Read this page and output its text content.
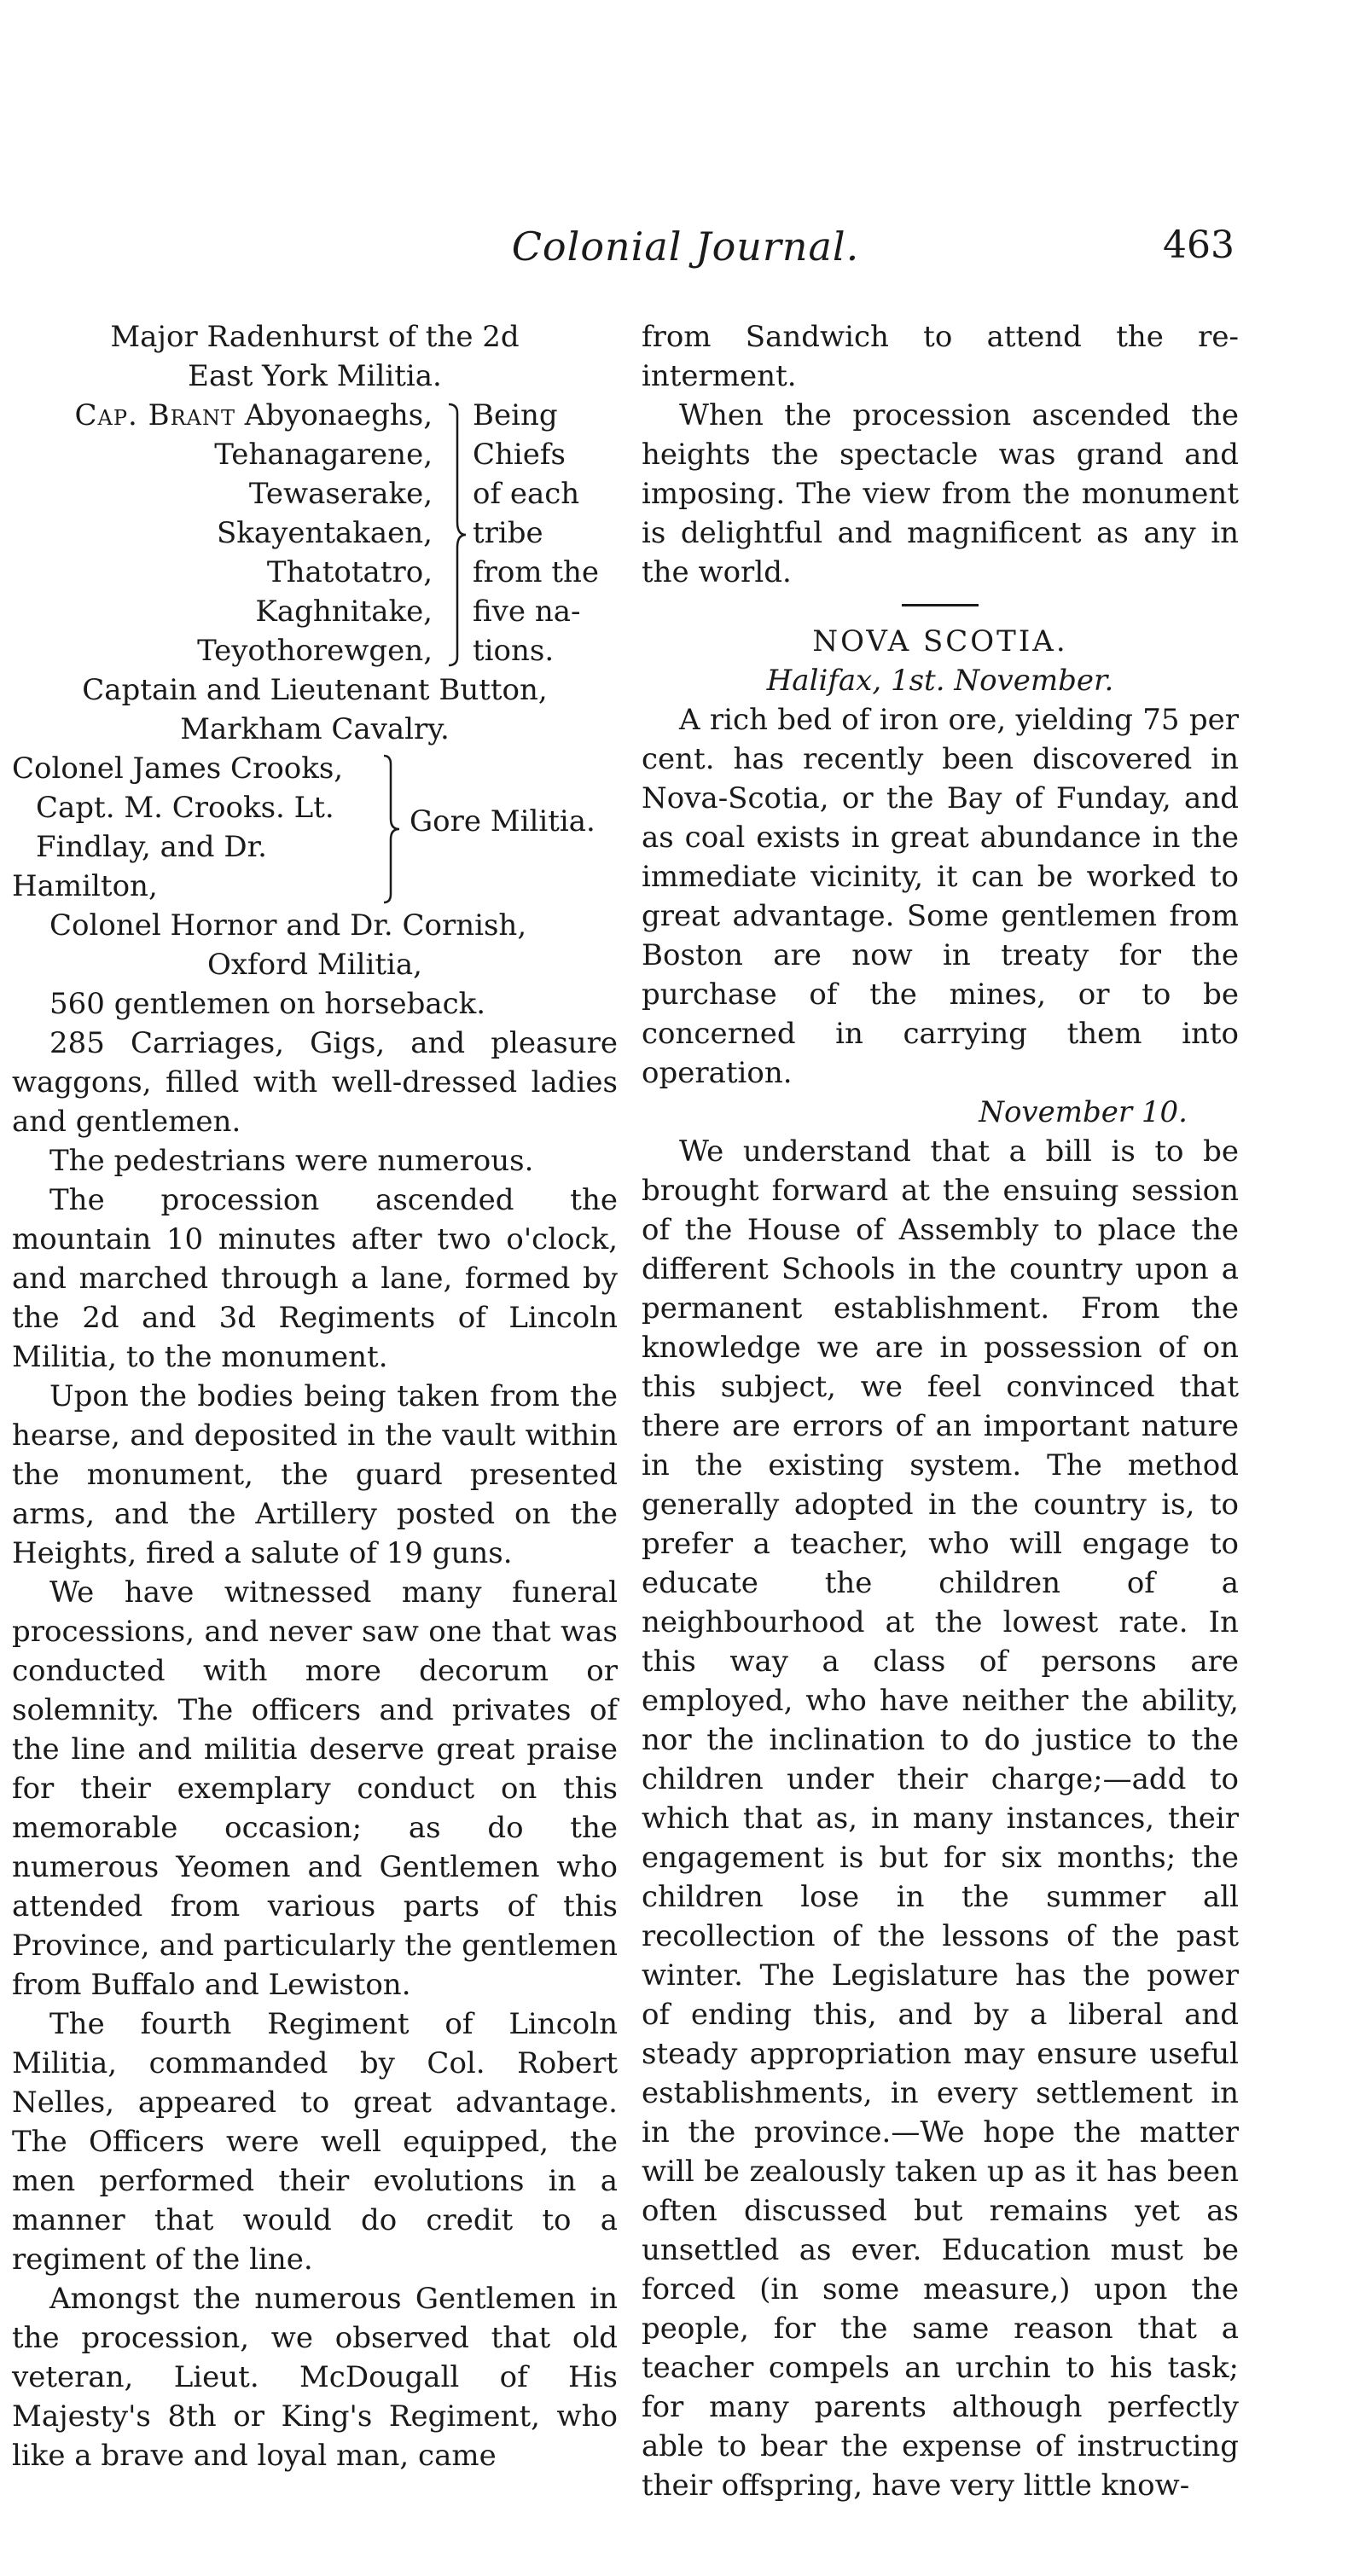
Colonial Journal.	463
Major Radenhurst of the 2d
East York Militia.
Cap. Brant Abyonaeghs,
Tehanagarene,
Tewaserake,
Skayentakaen,
Thatotatro,
Kaghnitake,
Teyothorewgen,
Being
Chiefs
of each
tribe
from the
five na-
tions.
Captain and Lieutenant Button,
Markham Cavalry.
Colonel James Crooks,
Capt. M. Crooks. Lt.
Findlay, and Dr.
Hamilton,
Gore Militia.
Colonel Hornor and Dr. Cornish,
Oxford Militia,
560 gentlemen on horseback.

285 Carriages, Gigs, and pleasure waggons, filled with well-dressed ladies and gentlemen.

The pedestrians were numerous.

The procession ascended the mountain 10 minutes after two o'clock, and marched through a lane, formed by the 2d and 3d Regiments of Lincoln Militia, to the monument.

Upon the bodies being taken from the hearse, and deposited in the vault within the monument, the guard presented arms, and the Artillery posted on the Heights, fired a salute of 19 guns.

We have witnessed many funeral processions, and never saw one that was conducted with more decorum or solemnity. The officers and privates of the line and militia deserve great praise for their exemplary conduct on this memorable occasion; as do the numerous Yeomen and Gentlemen who attended from various parts of this Province, and particularly the gentlemen from Buffalo and Lewiston.

The fourth Regiment of Lincoln Militia, commanded by Col. Robert Nelles, appeared to great advantage. The Officers were well equipped, the men performed their evolutions in a manner that would do credit to a regiment of the line.

Amongst the numerous Gentlemen in the procession, we observed that old veteran, Lieut. McDougall of His Majesty's 8th or King's Regiment, who like a brave and loyal man, came

from Sandwich to attend the re-interment.

When the procession ascended the heights the spectacle was grand and imposing. The view from the monument is delightful and magnificent as any in the world.

NOVA SCOTIA.
Halifax, 1st. November.

A rich bed of iron ore, yielding 75 per cent. has recently been discovered in Nova-Scotia, or the Bay of Funday, and as coal exists in great abundance in the immediate vicinity, it can be worked to great advantage. Some gentlemen from Boston are now in treaty for the purchase of the mines, or to be concerned in carrying them into operation.

November 10.

We understand that a bill is to be brought forward at the ensuing session of the House of Assembly to place the different Schools in the country upon a permanent establishment. From the knowledge we are in possession of on this subject, we feel convinced that there are errors of an important nature in the existing system. The method generally adopted in the country is, to prefer a teacher, who will engage to educate the children of a neighbourhood at the lowest rate. In this way a class of persons are employed, who have neither the ability, nor the inclination to do justice to the children under their charge;—add to which that as, in many instances, their engagement is but for six months; the children lose in the summer all recollection of the lessons of the past winter. The Legislature has the power of ending this, and by a liberal and steady appropriation may ensure useful establishments, in every settlement in in the province.—We hope the matter will be zealously taken up as it has been often discussed but remains yet as unsettled as ever. Education must be forced (in some measure,) upon the people, for the same reason that a teacher compels an urchin to his task; for many parents although perfectly able to bear the expense of instructing their offspring, have very little know-
